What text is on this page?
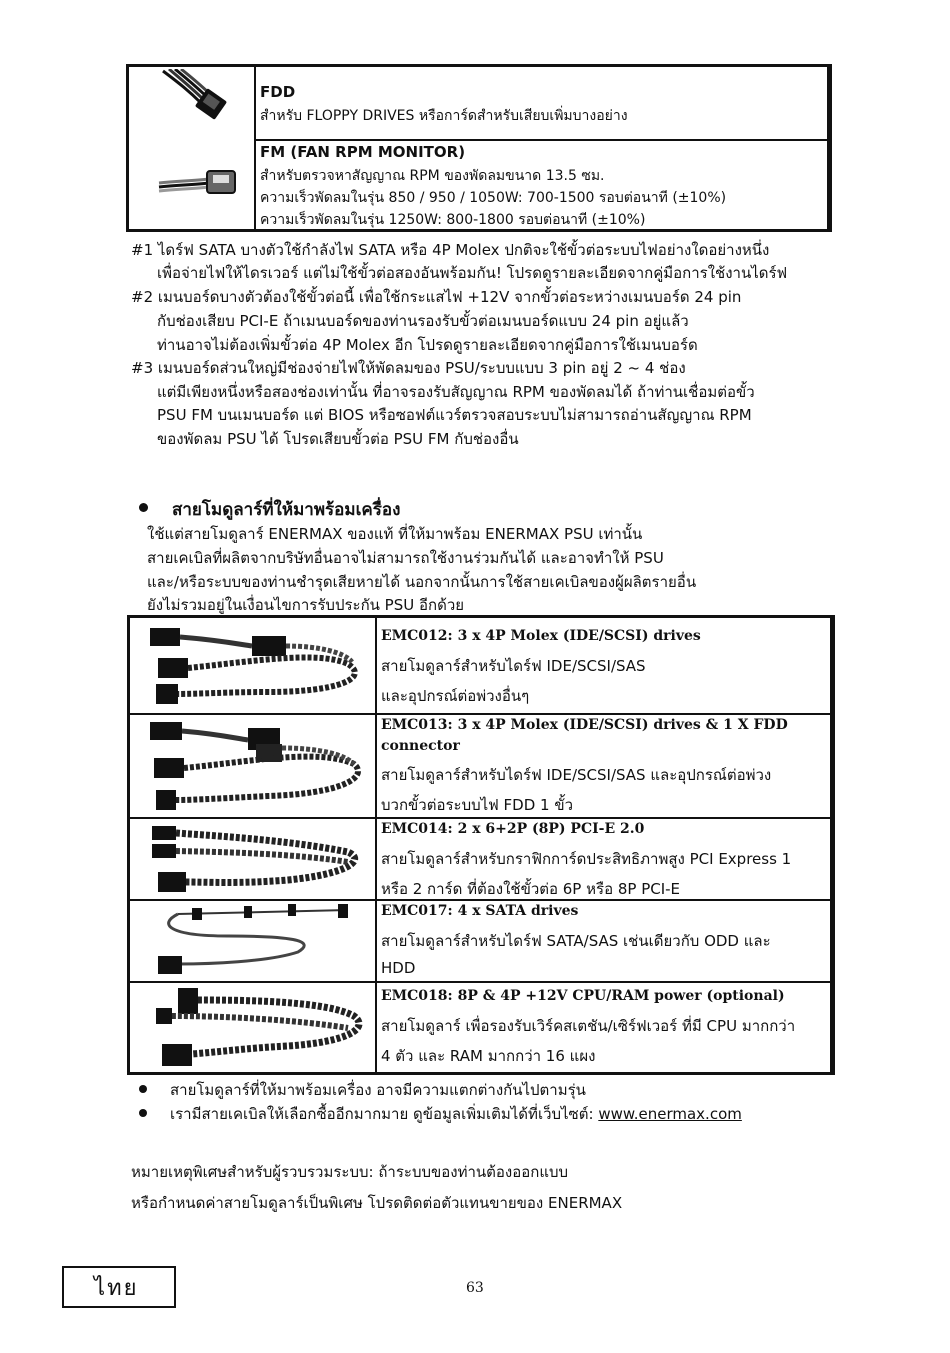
FDD
สำหรับ FLOPPY DRIVES หรือการ์ดสำหรับเสียบเพิ่มบางอย่าง
FM (FAN RPM MONITOR)
สำหรับตรวจหาสัญญาณ RPM ของพัดลมขนาด 13.5 ซม.
ความเร็วพัดลมในรุ่น 850 / 950 / 1050W: 700-1500 รอบต่อนาที (±10%)
ความเร็วพัดลมในรุ่น 1250W: 800-1800 รอบต่อนาที (±10%)
#1 ไดร์ฟ SATA บางตัวใช้กำลังไฟ SATA หรือ 4P Molex ปกติจะใช้ขั้วต่อระบบไฟอย่างใดอย่างหนึ่ง
เพื่อจ่ายไฟให้ไดรเวอร์ แต่ไม่ใช้ขั้วต่อสองอันพร้อมกัน! โปรดดูรายละเอียดจากคู่มือการใช้งานไดร์ฟ
#2 เมนบอร์ดบางตัวต้องใช้ขั้วต่อนี้ เพื่อใช้กระแสไฟ +12V จากขั้วต่อระหว่างเมนบอร์ด 24 pin
กับช่องเสียบ PCI-E ถ้าเมนบอร์ดของท่านรองรับขั้วต่อเมนบอร์ดแบบ 24 pin อยู่แล้ว
ท่านอาจไม่ต้องเพิ่มขั้วต่อ 4P Molex อีก โปรดดูรายละเอียดจากคู่มือการใช้เมนบอร์ด
#3 เมนบอร์ดส่วนใหญ่มีช่องจ่ายไฟให้พัดลมของ PSU/ระบบแบบ 3 pin อยู่ 2 ~ 4 ช่อง
แต่มีเพียงหนึ่งหรือสองช่องเท่านั้น ที่อาจรองรับสัญญาณ RPM ของพัดลมได้ ถ้าท่านเชื่อมต่อขั้ว
PSU FM บนเมนบอร์ด แต่ BIOS หรือซอฟต์แวร์ตรวจสอบระบบไม่สามารถอ่านสัญญาณ RPM
ของพัดลม PSU ได้ โปรดเสียบขั้วต่อ PSU FM กับช่องอื่น
สายโมดูลาร์ที่ให้มาพร้อมเครื่อง
ใช้แต่สายโมดูลาร์ ENERMAX ของแท้ ที่ให้มาพร้อม ENERMAX PSU เท่านั้น
สายเคเบิลที่ผลิตจากบริษัทอื่นอาจไม่สามารถใช้งานร่วมกันได้ และอาจทำให้ PSU
และ/หรือระบบของท่านชำรุดเสียหายได้ นอกจากนั้นการใช้สายเคเบิลของผู้ผลิตรายอื่น
ยังไม่รวมอยู่ในเงื่อนไขการรับประกัน PSU อีกด้วย
EMC012: 3 x 4P Molex (IDE/SCSI) drives
สายโมดูลาร์สำหรับไดร์ฟ IDE/SCSI/SAS
และอุปกรณ์ต่อพ่วงอื่นๆ
EMC013: 3 x 4P Molex (IDE/SCSI) drives & 1 X FDD
connector
สายโมดูลาร์สำหรับไดร์ฟ IDE/SCSI/SAS และอุปกรณ์ต่อพ่วง
บวกขั้วต่อระบบไฟ FDD 1 ขั้ว
EMC014: 2 x 6+2P (8P) PCI-E 2.0
สายโมดูลาร์สำหรับกราฟิกการ์ดประสิทธิภาพสูง PCI Express 1
หรือ 2 การ์ด ที่ต้องใช้ขั้วต่อ 6P หรือ 8P PCI-E
EMC017: 4 x SATA drives
สายโมดูลาร์สำหรับไดร์ฟ SATA/SAS เช่นเดียวกับ ODD และ
HDD
EMC018: 8P & 4P +12V CPU/RAM power (optional)
สายโมดูลาร์ เพื่อรองรับเวิร์คสเตชัน/เซิร์ฟเวอร์ ที่มี CPU มากกว่า
4 ตัว และ RAM มากกว่า 16 แผง
สายโมดูลาร์ที่ให้มาพร้อมเครื่อง อาจมีความแตกต่างกันไปตามรุ่น
เรามีสายเคเบิลให้เลือกซื้ออีกมากมาย ดูข้อมูลเพิ่มเติมได้ที่เว็บไซต์: www.enermax.com
หมายเหตุพิเศษสำหรับผู้รวบรวมระบบ: ถ้าระบบของท่านต้องออกแบบ
หรือกำหนดค่าสายโมดูลาร์เป็นพิเศษ โปรดติดต่อตัวแทนขายของ ENERMAX
ไทย	63
